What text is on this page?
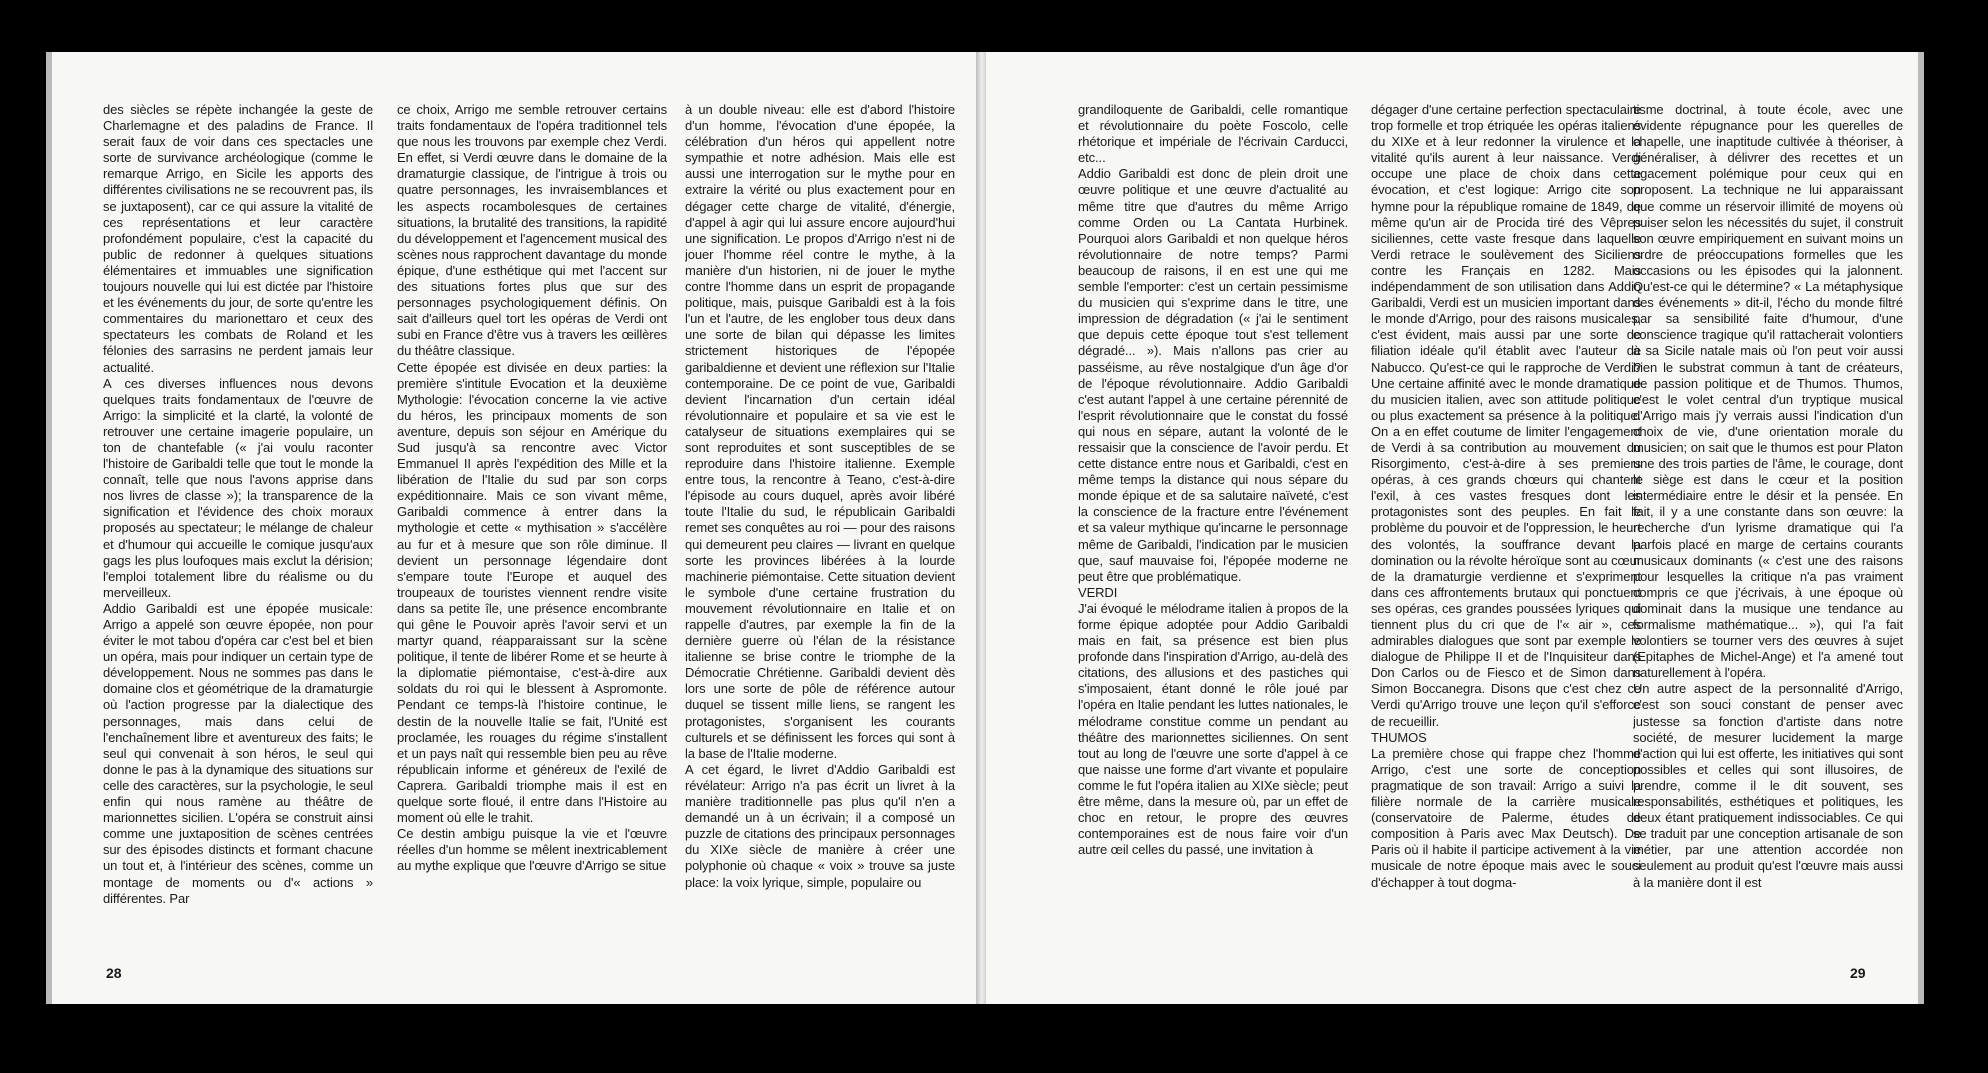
des siècles se répète inchangée la geste de Charlemagne et des paladins de France. Il serait faux de voir dans ces spectacles une sorte de survivance archéologique (comme le remarque Arrigo, en Sicile les apports des différentes civilisations ne se recouvrent pas, ils se juxtaposent), car ce qui assure la vitalité de ces représentations et leur caractère profondément populaire, c'est la capacité du public de redonner à quelques situations élémentaires et immuables une signification toujours nouvelle qui lui est dictée par l'histoire et les événements du jour, de sorte qu'entre les commentaires du marionettaro et ceux des spectateurs les combats de Roland et les félonies des sarrasins ne perdent jamais leur actualité.

A ces diverses influences nous devons quelques traits fondamentaux de l'œuvre de Arrigo: la simplicité et la clarté, la volonté de retrouver une certaine imagerie populaire, un ton de chantefable (« j'ai voulu raconter l'histoire de Garibaldi telle que tout le monde la connaît, telle que nous l'avons apprise dans nos livres de classe »); la transparence de la signification et l'évidence des choix moraux proposés au spectateur; le mélange de chaleur et d'humour qui accueille le comique jusqu'aux gags les plus loufoques mais exclut la dérision; l'emploi totalement libre du réalisme ou du merveilleux.

Addio Garibaldi est une épopée musicale: Arrigo a appelé son œuvre épopée, non pour éviter le mot tabou d'opéra car c'est bel et bien un opéra, mais pour indiquer un certain type de développement. Nous ne sommes pas dans le domaine clos et géométrique de la dramaturgie où l'action progresse par la dialectique des personnages, mais dans celui de l'enchaînement libre et aventureux des faits; le seul qui convenait à son héros, le seul qui donne le pas à la dynamique des situations sur celle des caractères, sur la psychologie, le seul enfin qui nous ramène au théâtre de marionnettes sicilien. L'opéra se construit ainsi comme une juxtaposition de scènes centrées sur des épisodes distincts et formant chacune un tout et, à l'intérieur des scènes, comme un montage de moments ou d'« actions » différentes. Par

ce choix, Arrigo me semble retrouver certains traits fondamentaux de l'opéra traditionnel tels que nous les trouvons par exemple chez Verdi. En effet, si Verdi œuvre dans le domaine de la dramaturgie classique, de l'intrigue à trois ou quatre personnages, les invraisemblances et les aspects rocambolesques de certaines situations, la brutalité des transitions, la rapidité du développement et l'agencement musical des scènes nous rapprochent davantage du monde épique, d'une esthétique qui met l'accent sur des situations fortes plus que sur des personnages psychologiquement définis. On sait d'ailleurs quel tort les opéras de Verdi ont subi en France d'être vus à travers les œillères du théâtre classique.

Cette épopée est divisée en deux parties: la première s'intitule Evocation et la deuxième Mythologie: l'évocation concerne la vie active du héros, les principaux moments de son aventure, depuis son séjour en Amérique du Sud jusqu'à sa rencontre avec Victor Emmanuel II après l'expédition des Mille et la libération de l'Italie du sud par son corps expéditionnaire. Mais ce son vivant même, Garibaldi commence à entrer dans la mythologie et cette « mythisation » s'accélère au fur et à mesure que son rôle diminue. Il devient un personnage légendaire dont s'empare toute l'Europe et auquel des troupeaux de touristes viennent rendre visite dans sa petite île, une présence encombrante qui gêne le Pouvoir après l'avoir servi et un martyr quand, réapparaissant sur la scène politique, il tente de libérer Rome et se heurte à la diplomatie piémontaise, c'est-à-dire aux soldats du roi qui le blessent à Aspromonte. Pendant ce temps-là l'histoire continue, le destin de la nouvelle Italie se fait, l'Unité est proclamée, les rouages du régime s'installent et un pays naît qui ressemble bien peu au rêve républicain informe et généreux de l'exilé de Caprera. Garibaldi triomphe mais il est en quelque sorte floué, il entre dans l'Histoire au moment où elle le trahit.

Ce destin ambigu puisque la vie et l'œuvre réelles d'un homme se mêlent inextricablement au mythe explique que l'œuvre d'Arrigo se situe

à un double niveau: elle est d'abord l'histoire d'un homme, l'évocation d'une épopée, la célébration d'un héros qui appellent notre sympathie et notre adhésion. Mais elle est aussi une interrogation sur le mythe pour en extraire la vérité ou plus exactement pour en dégager cette charge de vitalité, d'énergie, d'appel à agir qui lui assure encore aujourd'hui une signification. Le propos d'Arrigo n'est ni de jouer l'homme réel contre le mythe, à la manière d'un historien, ni de jouer le mythe contre l'homme dans un esprit de propagande politique, mais, puisque Garibaldi est à la fois l'un et l'autre, de les englober tous deux dans une sorte de bilan qui dépasse les limites strictement historiques de l'épopée garibaldienne et devient une réflexion sur l'Italie contemporaine. De ce point de vue, Garibaldi devient l'incarnation d'un certain idéal révolutionnaire et populaire et sa vie est le catalyseur de situations exemplaires qui se sont reproduites et sont susceptibles de se reproduire dans l'histoire italienne. Exemple entre tous, la rencontre à Teano, c'est-à-dire l'épisode au cours duquel, après avoir libéré toute l'Italie du sud, le républicain Garibaldi remet ses conquêtes au roi — pour des raisons qui demeurent peu claires — livrant en quelque sorte les provinces libérées à la lourde machinerie piémontaise. Cette situation devient le symbole d'une certaine frustration du mouvement révolutionnaire en Italie et on rappelle d'autres, par exemple la fin de la dernière guerre où l'élan de la résistance italienne se brise contre le triomphe de la Démocratie Chrétienne. Garibaldi devient dès lors une sorte de pôle de référence autour duquel se tissent mille liens, se rangent les protagonistes, s'organisent les courants culturels et se définissent les forces qui sont à la base de l'Italie moderne.

A cet égard, le livret d'Addio Garibaldi est révélateur: Arrigo n'a pas écrit un livret à la manière traditionnelle pas plus qu'il n'en a demandé un à un écrivain; il a composé un puzzle de citations des principaux personnages du XIXe siècle de manière à créer une polyphonie où chaque « voix » trouve sa juste place: la voix lyrique, simple, populaire ou

28

grandiloquente de Garibaldi, celle romantique et révolutionnaire du poète Foscolo, celle rhétorique et impériale de l'écrivain Carducci, etc...

Addio Garibaldi est donc de plein droit une œuvre politique et une œuvre d'actualité au même titre que d'autres du même Arrigo comme Orden ou La Cantata Hurbinek. Pourquoi alors Garibaldi et non quelque héros révolutionnaire de notre temps? Parmi beaucoup de raisons, il en est une qui me semble l'emporter: c'est un certain pessimisme du musicien qui s'exprime dans le titre, une impression de dégradation (« j'ai le sentiment que depuis cette époque tout s'est tellement dégradé... »). Mais n'allons pas crier au passéisme, au rêve nostalgique d'un âge d'or de l'époque révolutionnaire. Addio Garibaldi c'est autant l'appel à une certaine pérennité de l'esprit révolutionnaire que le constat du fossé qui nous en sépare, autant la volonté de le ressaisir que la conscience de l'avoir perdu. Et cette distance entre nous et Garibaldi, c'est en même temps la distance qui nous sépare du monde épique et de sa salutaire naïveté, c'est la conscience de la fracture entre l'événement et sa valeur mythique qu'incarne le personnage même de Garibaldi, l'indication par le musicien que, sauf mauvaise foi, l'épopée moderne ne peut être que problématique.

VERDI

J'ai évoqué le mélodrame italien à propos de la forme épique adoptée pour Addio Garibaldi mais en fait, sa présence est bien plus profonde dans l'inspiration d'Arrigo, au-delà des citations, des allusions et des pastiches qui s'imposaient, étant donné le rôle joué par l'opéra en Italie pendant les luttes nationales, le mélodrame constitue comme un pendant au théâtre des marionnettes siciliennes. On sent tout au long de l'œuvre une sorte d'appel à ce que naisse une forme d'art vivante et populaire comme le fut l'opéra italien au XIXe siècle; peut être même, dans la mesure où, par un effet de choc en retour, le propre des œuvres contemporaines est de nous faire voir d'un autre œil celles du passé, une invitation à

dégager d'une certaine perfection spectaculaire trop formelle et trop étriquée les opéras italiens du XIXe et à leur redonner la virulence et la vitalité qu'ils aurent à leur naissance. Verdi occupe une place de choix dans cette évocation, et c'est logique: Arrigo cite son hymne pour la république romaine de 1849, de même qu'un air de Procida tiré des Vêpres siciliennes, cette vaste fresque dans laquelle Verdi retrace le soulèvement des Siciliens contre les Français en 1282. Mais indépendamment de son utilisation dans Addio Garibaldi, Verdi est un musicien important dans le monde d'Arrigo, pour des raisons musicales, c'est évident, mais aussi par une sorte de filiation idéale qu'il établit avec l'auteur de Nabucco. Qu'est-ce qui le rapproche de Verdi? Une certaine affinité avec le monde dramatique du musicien italien, avec son attitude politique ou plus exactement sa présence à la politique. On a en effet coutume de limiter l'engagement de Verdi à sa contribution au mouvement du Risorgimento, c'est-à-dire à ses premiers opéras, à ces grands chœurs qui chantent l'exil, à ces vastes fresques dont les protagonistes sont des peuples. En fait le problème du pouvoir et de l'oppression, le heurt des volontés, la souffrance devant la domination ou la révolte héroïque sont au cœur de la dramaturgie verdienne et s'expriment dans ces affrontements brutaux qui ponctuent ses opéras, ces grandes poussées lyriques qui tiennent plus du cri que de l'« air », ces admirables dialogues que sont par exemple le dialogue de Philippe II et de l'Inquisiteur dans Don Carlos ou de Fiesco et de Simon dans Simon Boccanegra. Disons que c'est chez ce Verdi qu'Arrigo trouve une leçon qu'il s'efforce de recueillir.

THUMOS

La première chose qui frappe chez l'homme Arrigo, c'est une sorte de conception pragmatique de son travail: Arrigo a suivi la filière normale de la carrière musicale (conservatoire de Palerme, études de composition à Paris avec Max Deutsch). De Paris où il habite il participe activement à la vie musicale de notre époque mais avec le souci d'échapper à tout dogma-

tisme doctrinal, à toute école, avec une évidente répugnance pour les querelles de chapelle, une inaptitude cultivée à théoriser, à généraliser, à délivrer des recettes et un agacement polémique pour ceux qui en proposent. La technique ne lui apparaissant que comme un réservoir illimité de moyens où puiser selon les nécessités du sujet, il construit son œuvre empiriquement en suivant moins un ordre de préoccupations formelles que les occasions ou les épisodes qui la jalonnent. Qu'est-ce qui le détermine? « La métaphysique des événements » dit-il, l'écho du monde filtré par sa sensibilité faite d'humour, d'une conscience tragique qu'il rattacherait volontiers à sa Sicile natale mais où l'on peut voir aussi bien le substrat commun à tant de créateurs, de passion politique et de Thumos. Thumos, c'est le volet central d'un tryptique musical d'Arrigo mais j'y verrais aussi l'indication d'un choix de vie, d'une orientation morale du musicien; on sait que le thumos est pour Platon une des trois parties de l'âme, le courage, dont le siège est dans le cœur et la position intermédiaire entre le désir et la pensée. En fait, il y a une constante dans son œuvre: la recherche d'un lyrisme dramatique qui l'a parfois placé en marge de certains courants musicaux dominants (« c'est une des raisons pour lesquelles la critique n'a pas vraiment compris ce que j'écrivais, à une époque où dominait dans la musique une tendance au formalisme mathématique... »), qui l'a fait volontiers se tourner vers des œuvres à sujet (Epitaphes de Michel-Ange) et l'a amené tout naturellement à l'opéra.

Un autre aspect de la personnalité d'Arrigo, c'est son souci constant de penser avec justesse sa fonction d'artiste dans notre société, de mesurer lucidement la marge d'action qui lui est offerte, les initiatives qui sont possibles et celles qui sont illusoires, de prendre, comme il le dit souvent, ses responsabilités, esthétiques et politiques, les deux étant pratiquement indissociables. Ce qui se traduit par une conception artisanale de son métier, par une attention accordée non seulement au produit qu'est l'œuvre mais aussi à la manière dont il est

29
